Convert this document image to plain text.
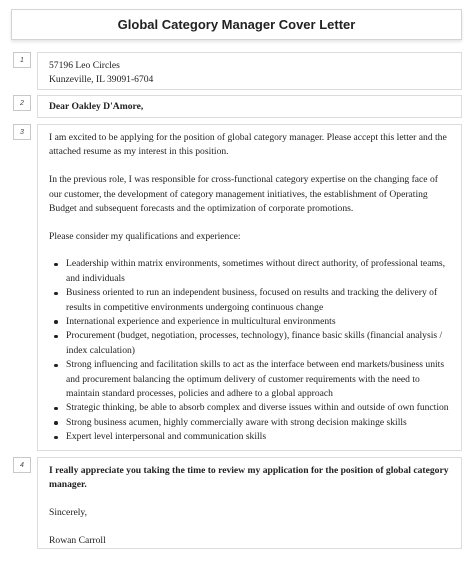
Global Category Manager Cover Letter
1	57196 Leo Circles

Kunzeville, IL 39091-6704

2	Dear Oakley D'Amore,

3	I am excited to be applying for the position of global category manager. Please accept this letter and the attached resume as my interest in this position.

In the previous role, I was responsible for cross-functional category expertise on the changing face of our customer, the development of category management initiatives, the establishment of Operating Budget and subsequent forecasts and the optimization of corporate promotions.

Please consider my qualifications and experience:

Leadership within matrix environments, sometimes without direct authority, of professional teams, and individuals
Business oriented to run an independent business, focused on results and tracking the delivery of results in competitive environments undergoing continuous change
International experience and experience in multicultural environments
Procurement (budget, negotiation, processes, technology), finance basic skills (financial analysis / index calculation)
Strong influencing and facilitation skills to act as the interface between end markets/business units and procurement balancing the optimum delivery of customer requirements with the need to maintain standard processes, policies and adhere to a global approach
Strategic thinking, be able to absorb complex and diverse issues within and outside of own function
Strong business acumen, highly commercially aware with strong decision makinge skills
Expert level interpersonal and communication skills
4	I really appreciate you taking the time to review my application for the position of global category manager.

Sincerely,

Rowan Carroll
